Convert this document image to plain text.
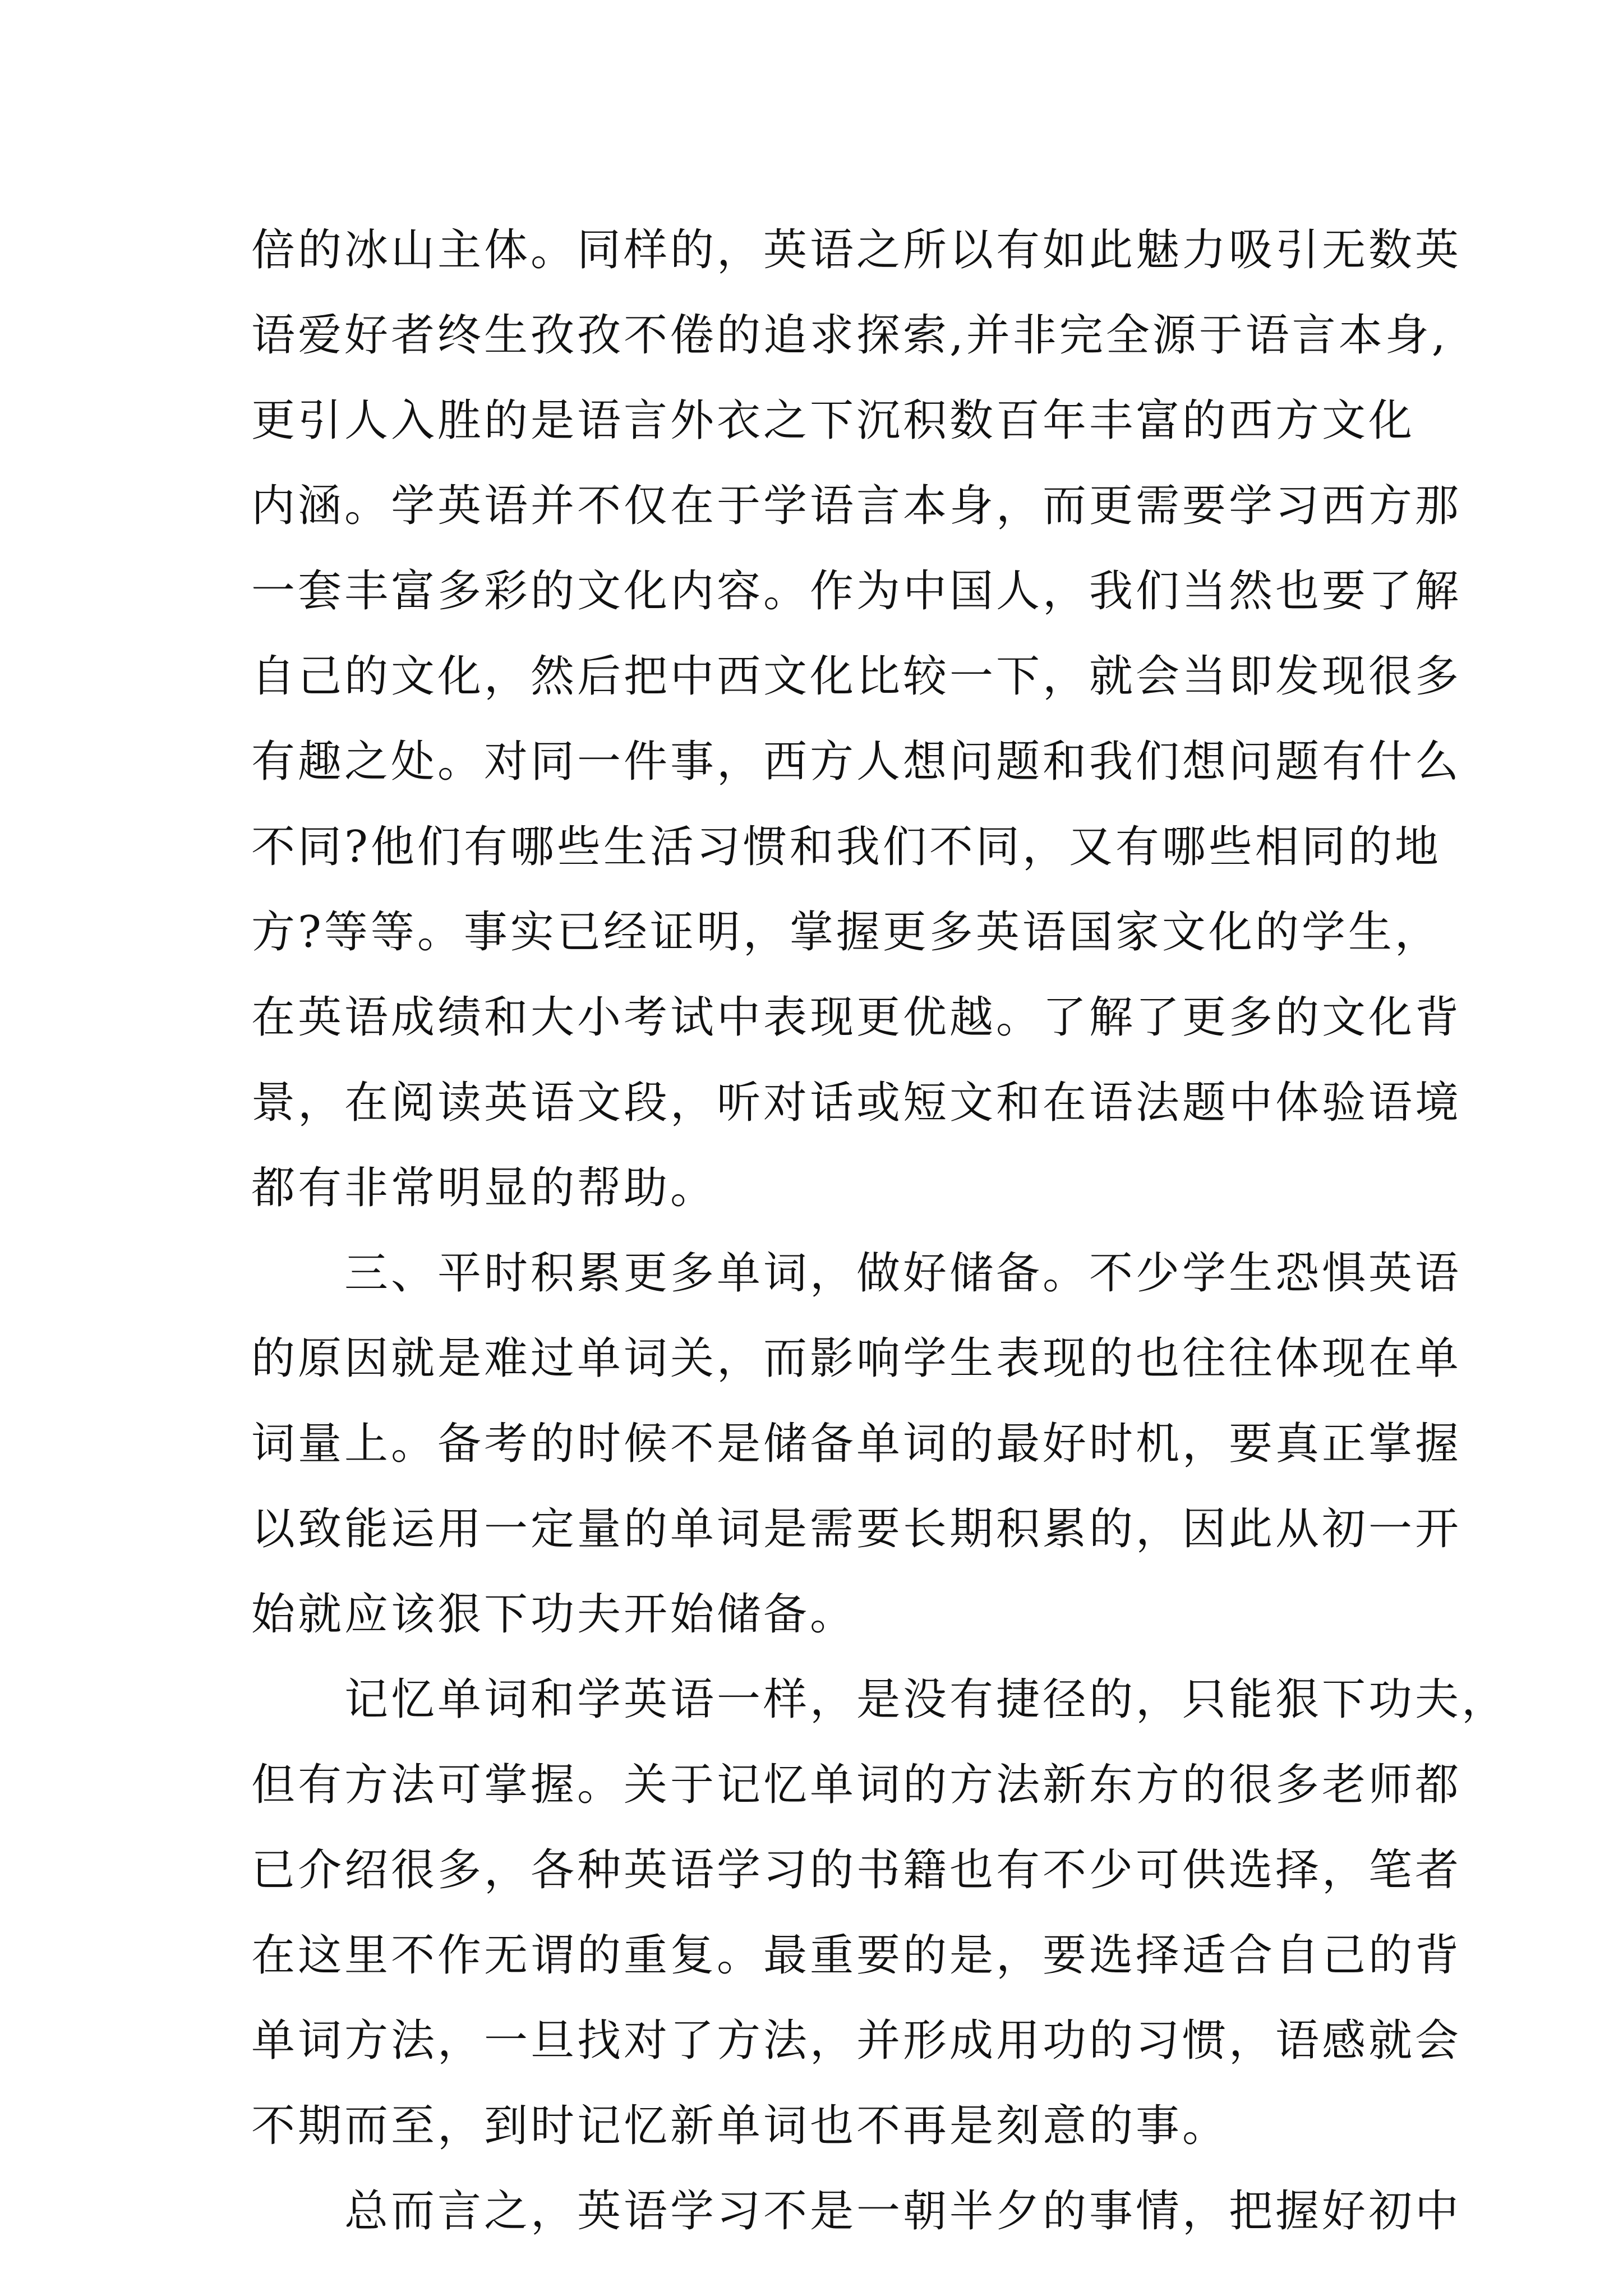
倍的冰山主体。同样的，英语之所以有如此魅力吸引无数英
语爱好者终生孜孜不倦的追求探索,并非完全源于语言本身,
更引人入胜的是语言外衣之下沉积数百年丰富的西方文化
内涵。学英语并不仅在于学语言本身，而更需要学习西方那
一套丰富多彩的文化内容。作为中国人，我们当然也要了解
自己的文化，然后把中西文化比较一下，就会当即发现很多
有趣之处。对同一件事，西方人想问题和我们想问题有什么
不同?他们有哪些生活习惯和我们不同，又有哪些相同的地
方?等等。事实已经证明，掌握更多英语国家文化的学生，
在英语成绩和大小考试中表现更优越。了解了更多的文化背
景，在阅读英语文段，听对话或短文和在语法题中体验语境
都有非常明显的帮助。
　　三、平时积累更多单词，做好储备。不少学生恐惧英语
的原因就是难过单词关，而影响学生表现的也往往体现在单
词量上。备考的时候不是储备单词的最好时机，要真正掌握
以致能运用一定量的单词是需要长期积累的，因此从初一开
始就应该狠下功夫开始储备。
　　记忆单词和学英语一样，是没有捷径的，只能狠下功夫，
但有方法可掌握。关于记忆单词的方法新东方的很多老师都
已介绍很多，各种英语学习的书籍也有不少可供选择，笔者
在这里不作无谓的重复。最重要的是，要选择适合自己的背
单词方法，一旦找对了方法，并形成用功的习惯，语感就会
不期而至，到时记忆新单词也不再是刻意的事。
　　总而言之，英语学习不是一朝半夕的事情，把握好初中
